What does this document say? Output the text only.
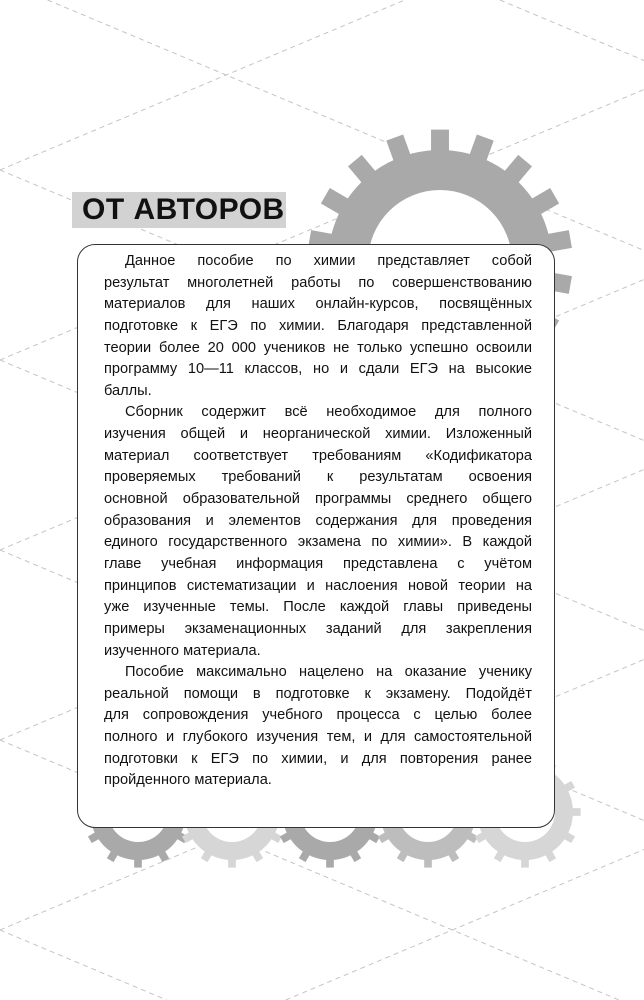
ОТ АВТОРОВ
Данное пособие по химии представляет собой
результат многолетней работы по совершенствованию
материалов для наших онлайн-курсов, посвящённых
подготовке к ЕГЭ по химии. Благодаря представленной
теории более 20 000 учеников не только успешно освоили
программу 10—11 классов, но и сдали ЕГЭ на высокие
баллы.
Сборник содержит всё необходимое для полного
изучения общей и неорганической химии. Изложенный
материал соответствует требованиям «Кодификатора
проверяемых требований к результатам освоения
основной образовательной программы среднего общего
образования и элементов содержания для проведения
единого государственного экзамена по химии». В каждой
главе учебная информация представлена с учётом
принципов систематизации и наслоения новой теории на
уже изученные темы. После каждой главы приведены
примеры экзаменационных заданий для закрепления
изученного материала.
Пособие максимально нацелено на оказание ученику
реальной помощи в подготовке к экзамену. Подойдёт
для сопровождения учебного процесса с целью более
полного и глубокого изучения тем, и для самостоятельной
подготовки к ЕГЭ по химии, и для повторения ранее
пройденного материала.
